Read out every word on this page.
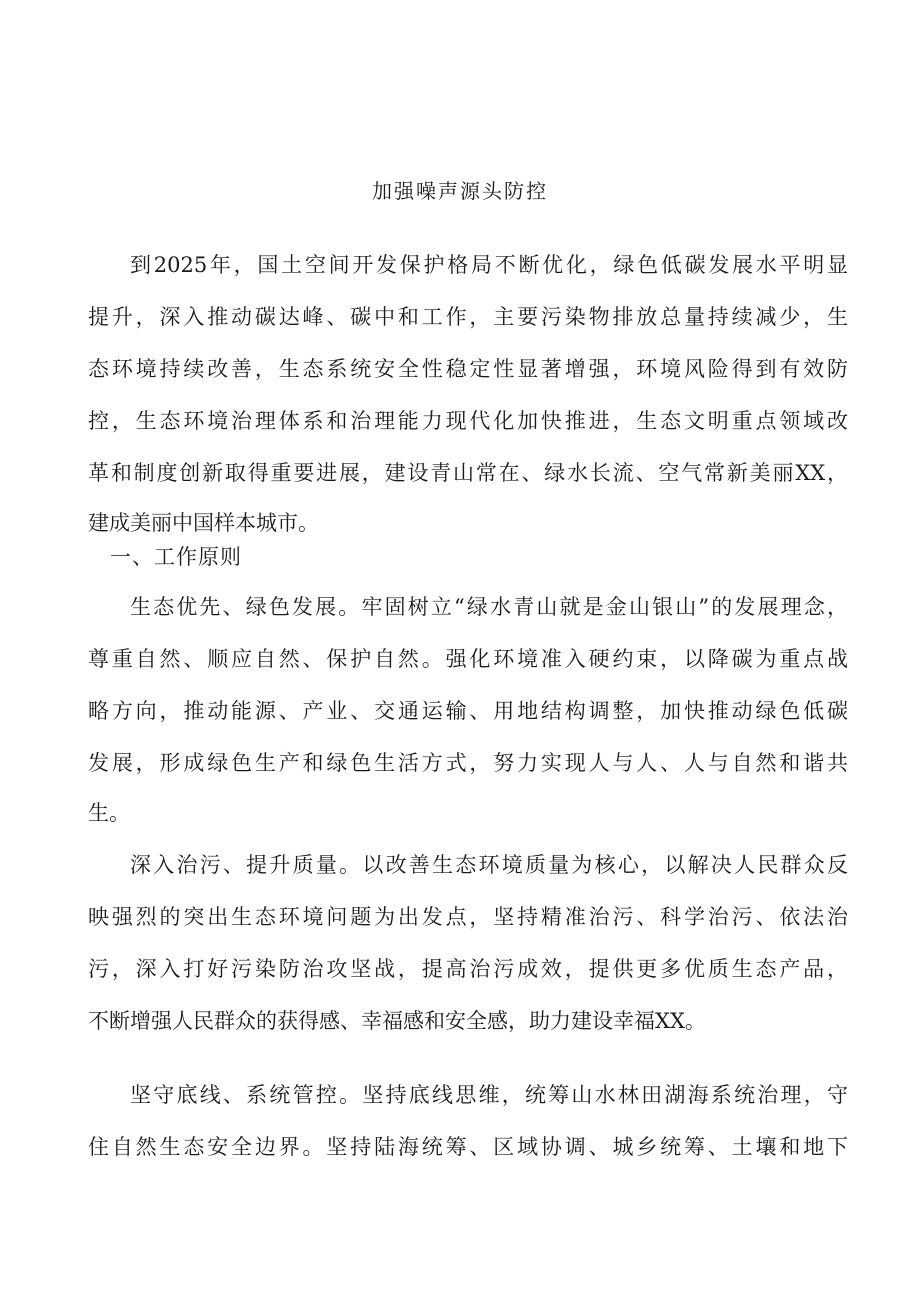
加强噪声源头防控
到2025年，国土空间开发保护格局不断优化，绿色低碳发展水平明显
提升，深入推动碳达峰、碳中和工作，主要污染物排放总量持续减少，生
态环境持续改善，生态系统安全性稳定性显著增强，环境风险得到有效防
控，生态环境治理体系和治理能力现代化加快推进，生态文明重点领域改
革和制度创新取得重要进展，建设青山常在、绿水长流、空气常新美丽XX，
建成美丽中国样本城市。
一、工作原则
生态优先、绿色发展。牢固树立“绿水青山就是金山银山”的发展理念，
尊重自然、顺应自然、保护自然。强化环境准入硬约束，以降碳为重点战
略方向，推动能源、产业、交通运输、用地结构调整，加快推动绿色低碳
发展，形成绿色生产和绿色生活方式，努力实现人与人、人与自然和谐共
生。
深入治污、提升质量。以改善生态环境质量为核心，以解决人民群众反
映强烈的突出生态环境问题为出发点，坚持精准治污、科学治污、依法治
污，深入打好污染防治攻坚战，提高治污成效，提供更多优质生态产品，
不断增强人民群众的获得感、幸福感和安全感，助力建设幸福XX。
坚守底线、系统管控。坚持底线思维，统筹山水林田湖海系统治理，守
住自然生态安全边界。坚持陆海统筹、区域协调、城乡统筹、土壤和地下
